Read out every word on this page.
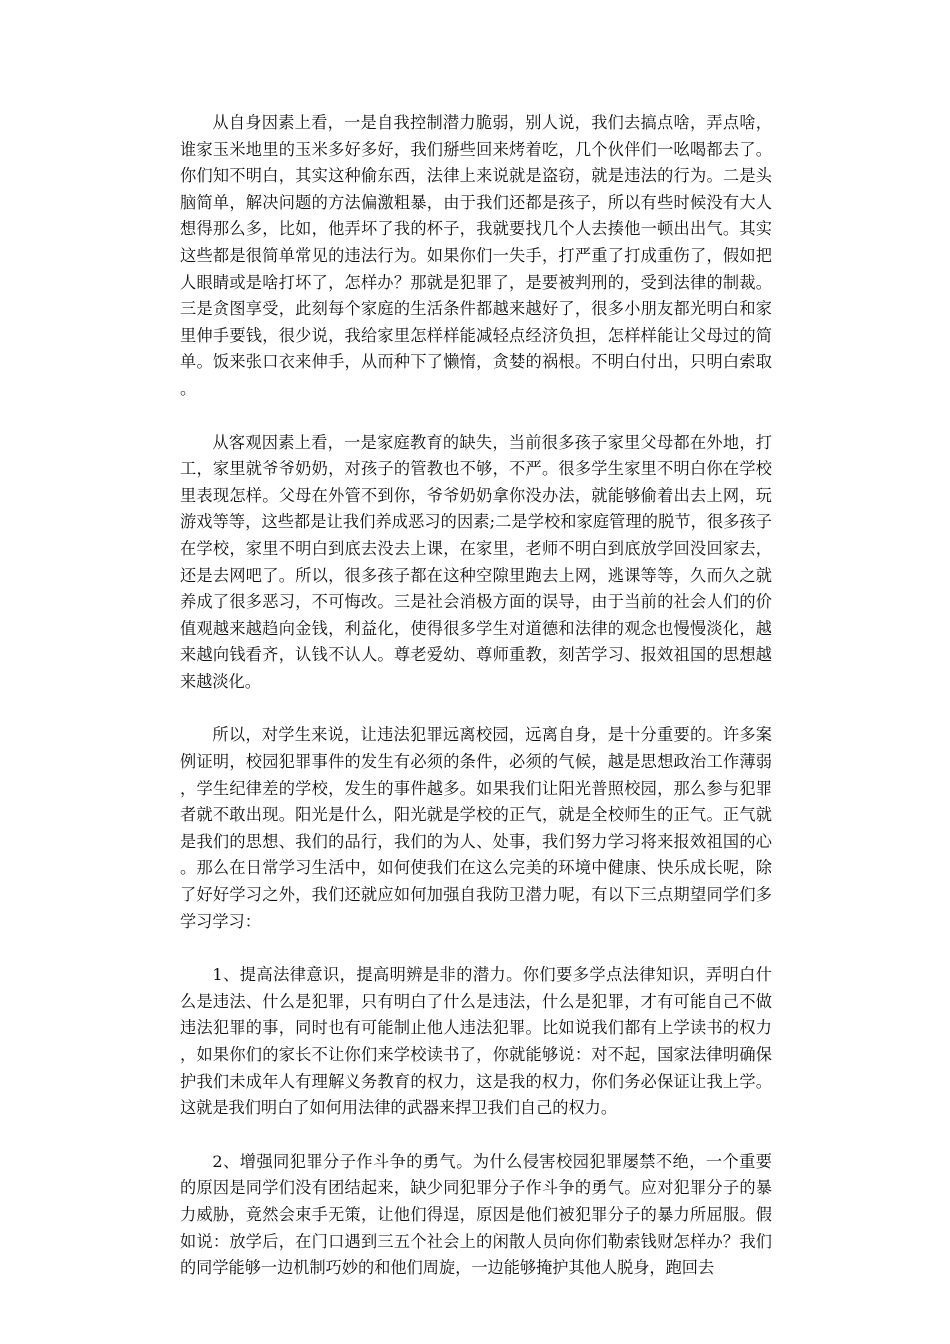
从自身因素上看，一是自我控制潜力脆弱，别人说，我们去搞点啥，弄点啥，谁家玉米地里的玉米多好多好，我们掰些回来烤着吃，几个伙伴们一吆喝都去了。你们知不明白，其实这种偷东西，法律上来说就是盗窃，就是违法的行为。二是头脑简单，解决问题的方法偏激粗暴，由于我们还都是孩子，所以有些时候没有大人想得那么多，比如，他弄坏了我的杯子，我就要找几个人去揍他一顿出出气。其实这些都是很简单常见的违法行为。如果你们一失手，打严重了打成重伤了，假如把人眼睛或是啥打坏了，怎样办？那就是犯罪了，是要被判刑的，受到法律的制裁。三是贪图享受，此刻每个家庭的生活条件都越来越好了，很多小朋友都光明白和家里伸手要钱，很少说，我给家里怎样样能减轻点经济负担，怎样样能让父母过的简单。饭来张口衣来伸手，从而种下了懒惰，贪婪的祸根。不明白付出，只明白索取。

从客观因素上看，一是家庭教育的缺失，当前很多孩子家里父母都在外地，打工，家里就爷爷奶奶，对孩子的管教也不够，不严。很多学生家里不明白你在学校里表现怎样。父母在外管不到你，爷爷奶奶拿你没办法，就能够偷着出去上网，玩游戏等等，这些都是让我们养成恶习的因素;二是学校和家庭管理的脱节，很多孩子在学校，家里不明白到底去没去上课，在家里，老师不明白到底放学回没回家去，还是去网吧了。所以，很多孩子都在这种空隙里跑去上网，逃课等等，久而久之就养成了很多恶习，不可悔改。三是社会消极方面的误导，由于当前的社会人们的价值观越来越趋向金钱，利益化，使得很多学生对道德和法律的观念也慢慢淡化，越来越向钱看齐，认钱不认人。尊老爱幼、尊师重教，刻苦学习、报效祖国的思想越来越淡化。

所以，对学生来说，让违法犯罪远离校园，远离自身，是十分重要的。许多案例证明，校园犯罪事件的发生有必须的条件，必须的气候，越是思想政治工作薄弱，学生纪律差的学校，发生的事件越多。如果我们让阳光普照校园，那么参与犯罪者就不敢出现。阳光是什么，阳光就是学校的正气，就是全校师生的正气。正气就是我们的思想、我们的品行，我们的为人、处事，我们努力学习将来报效祖国的心。那么在日常学习生活中，如何使我们在这么完美的环境中健康、快乐成长呢，除了好好学习之外，我们还就应如何加强自我防卫潜力呢，有以下三点期望同学们多学习学习：

1、提高法律意识，提高明辨是非的潜力。你们要多学点法律知识，弄明白什么是违法、什么是犯罪，只有明白了什么是违法，什么是犯罪，才有可能自己不做违法犯罪的事，同时也有可能制止他人违法犯罪。比如说我们都有上学读书的权力，如果你们的家长不让你们来学校读书了，你就能够说：对不起，国家法律明确保护我们未成年人有理解义务教育的权力，这是我的权力，你们务必保证让我上学。这就是我们明白了如何用法律的武器来捍卫我们自己的权力。

2、增强同犯罪分子作斗争的勇气。为什么侵害校园犯罪屡禁不绝，一个重要的原因是同学们没有团结起来，缺少同犯罪分子作斗争的勇气。应对犯罪分子的暴力威胁，竟然会束手无策，让他们得逞，原因是他们被犯罪分子的暴力所屈服。假如说：放学后，在门口遇到三五个社会上的闲散人员向你们勒索钱财怎样办？我们的同学能够一边机制巧妙的和他们周旋，一边能够掩护其他人脱身，跑回去
